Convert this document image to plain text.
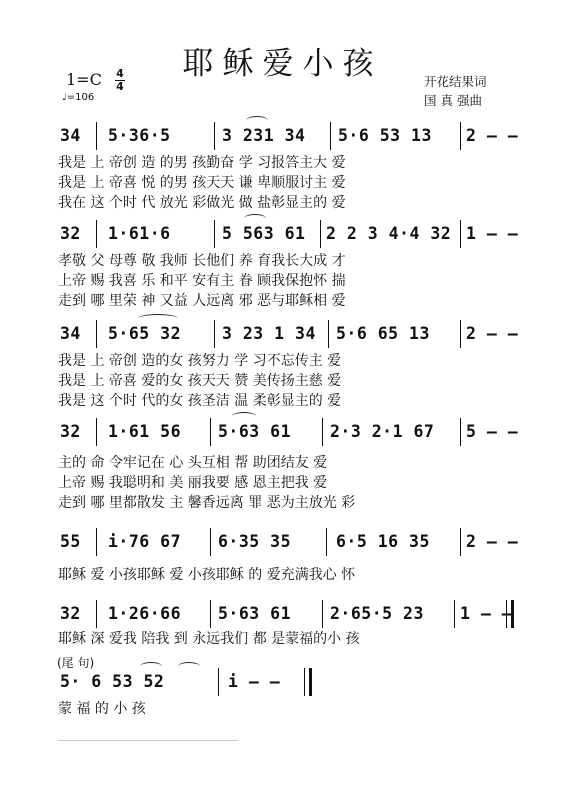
耶稣爱小孩
1=C 4
4
♩=106
开花结果词
国 真 强曲
34 5·36·5	3 231 34 5·6 53 13 2 – –
我是 上 帝创 造 的男 孩勤奋 学 习报答主大 爱
我是 上 帝喜 悦 的男 孩天天 谦 卑顺服讨主 爱
我在 这 个时 代 放光 彩做光 做 盐彰显主的 爱
32 1·61·6	5 563 61 2 2 3 4·4 32 1 – –
孝敬 父 母尊 敬 我师 长他们 养 育我长大成 才
上帝 赐 我喜 乐 和平 安有主 眷 顾我保抱怀 揣
走到 哪 里荣 神 又益 人远离 邪 恶与耶稣相 爱
34 5·65 32 3 23 1 34 5·6 65 13 2 – –
我是 上 帝创 造的女 孩努力 学 习不忘传主 爱
我是 上 帝喜 爱的女 孩天天 赞 美传扬主慈 爱
我是 这 个时 代的女 孩圣洁 温 柔彰显主的 爱
32 1·61 56 5·63 61 2·3 2·1 67 5 – –
主的 命 令牢记在 心 头互相 帮 助团结友 爱
上帝 赐 我聪明和 美 丽我要 感 恩主把我 爱
走到 哪 里都散发 主 馨香远离 罪 恶为主放光 彩
55 i·76 67 6·35 35	6·5 16 35 2 – –
耶稣 爱 小孩耶稣 爱 小孩耶稣 的 爱充满我心 怀
32 1·26·66 5·63 61 2·65·5 23 1 – –
耶稣 深 爱我 陪我 到 永远我们 都 是蒙福的小 孩
(尾 句)
5· 6 53 52	i – –
蒙 福 的 小 孩
